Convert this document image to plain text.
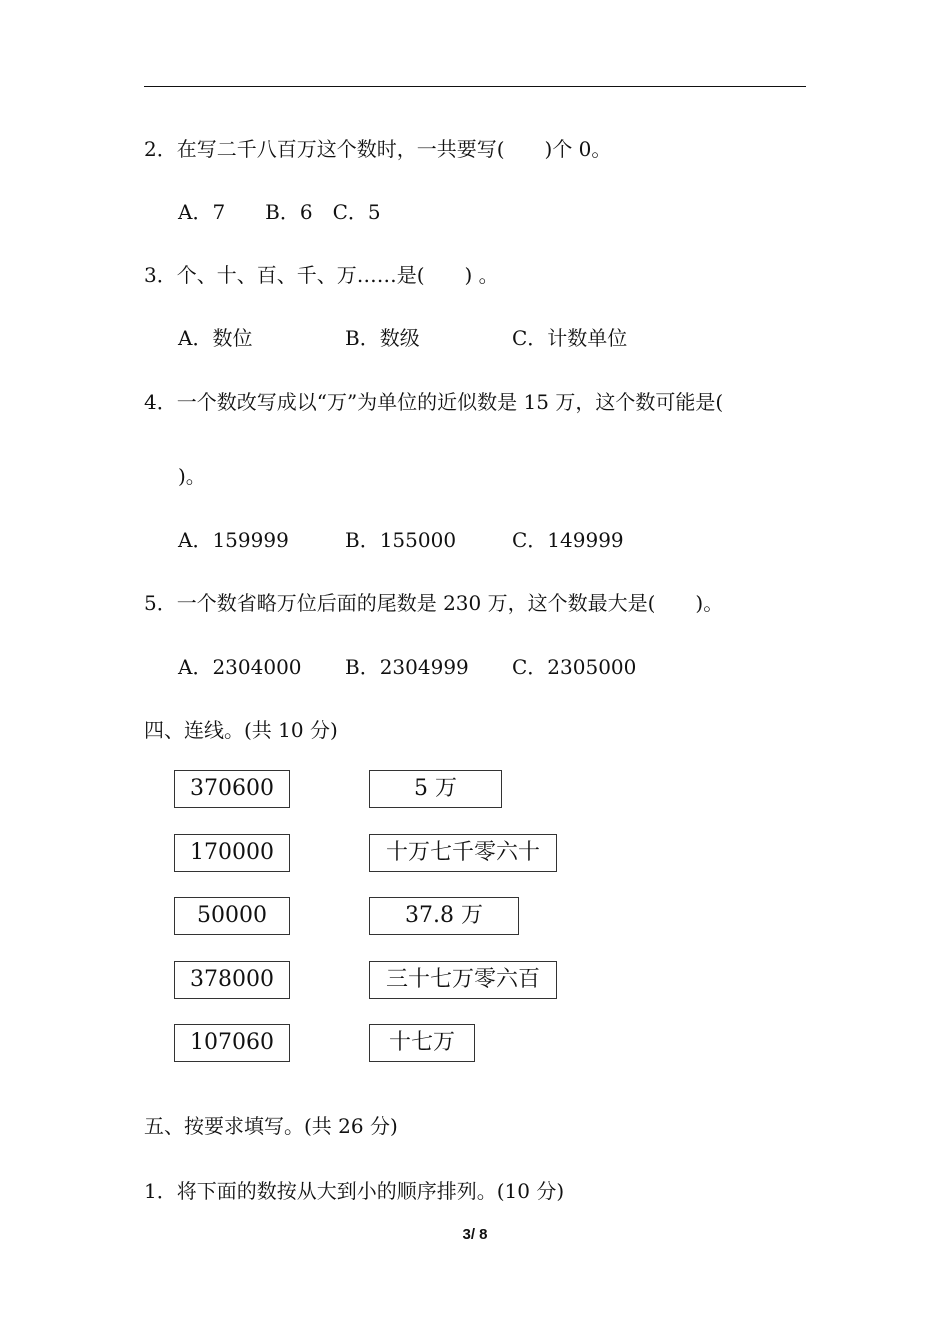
2．在写二千八百万这个数时，一共要写(　　)个 0。
A．7　　B．6　C．5
3．个、十、百、千、万……是(　　) 。
A．数位	B．数级	C．计数单位
4．一个数改写成以“万”为单位的近似数是 15 万，这个数可能是(
)。
A．159999	B．155000	C．149999
5．一个数省略万位后面的尾数是 230 万，这个数最大是(　　)。
A．2304000 B．2304999 C．2305000
四、连线。(共 10 分)
370600
170000
50000
378000
107060
5 万
十万七千零六十
37.8 万
三十七万零六百
十七万
五、按要求填写。(共 26 分)
1．将下面的数按从大到小的顺序排列。(10 分)
3/ 8
